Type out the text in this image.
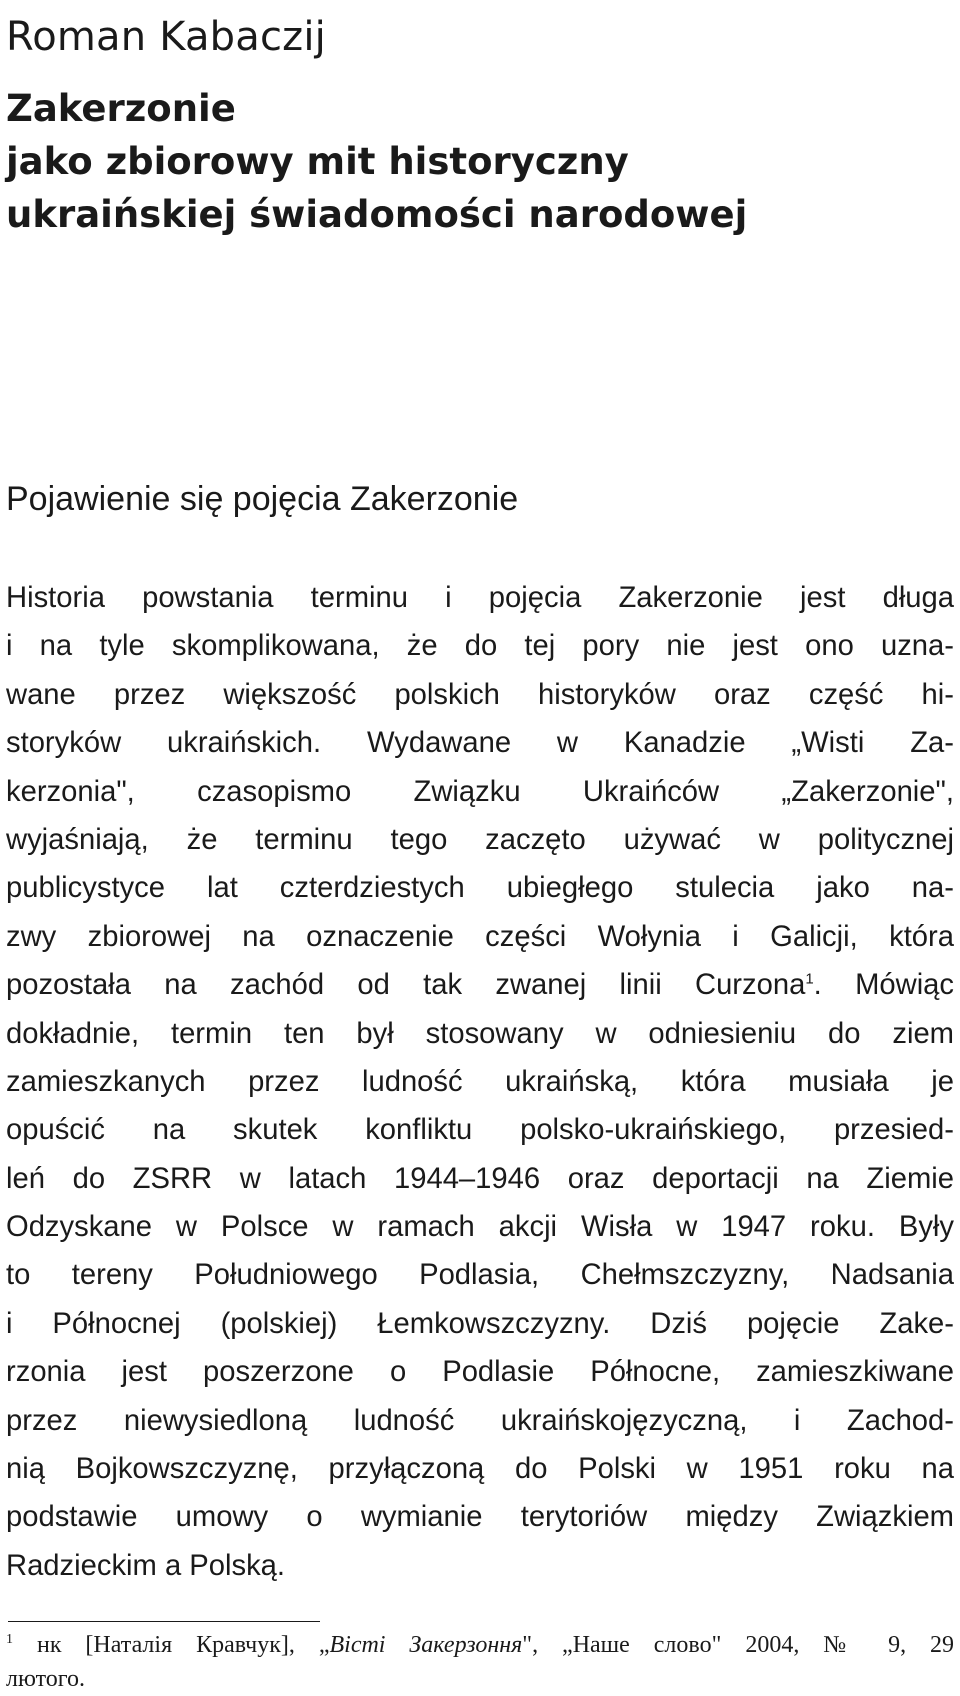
Roman Kabaczij
Zakerzonie
jako zbiorowy mit historyczny
ukraińskiej świadomości narodowej
Pojawienie się pojęcia Zakerzonie
Historia powstania terminu i pojęcia Zakerzonie jest długa
i na tyle skomplikowana, że do tej pory nie jest ono uzna-
wane przez większość polskich historyków oraz część hi-
storyków ukraińskich. Wydawane w Kanadzie „Wisti Za-
kerzonia", czasopismo Związku Ukraińców „Zakerzonie",
wyjaśniają, że terminu tego zaczęto używać w politycznej
publicystyce lat czterdziestych ubiegłego stulecia jako na-
zwy zbiorowej na oznaczenie części Wołynia i Galicji, która
pozostała na zachód od tak zwanej linii Curzona$^1$. Mówiąc
dokładnie, termin ten był stosowany w odniesieniu do ziem
zamieszkanych przez ludność ukraińską, która musiała je
opuścić na skutek konfliktu polsko-ukraińskiego, przesied-
leń do ZSRR w latach 1944–1946 oraz deportacji na Ziemie
Odzyskane w Polsce w ramach akcji Wisła w 1947 roku. Były
to tereny Południowego Podlasia, Chełmszczyzny, Nadsania
i Północnej (polskiej) Łemkowszczyzny. Dziś pojęcie Zake-
rzonia jest poszerzone o Podlasie Północne, zamieszkiwane
przez niewysiedloną ludność ukraińskojęzyczną, i Zachod-
nią Bojkowszczyznę, przyłączoną do Polski w 1951 roku na
podstawie umowy o wymianie terytoriów między Związkiem
Radzieckim a Polską.
$^1$ нк [Наталія Кравчук], „Вісті Закерзоння", „Наше слово" 2004, № 9, 29
лютого.
